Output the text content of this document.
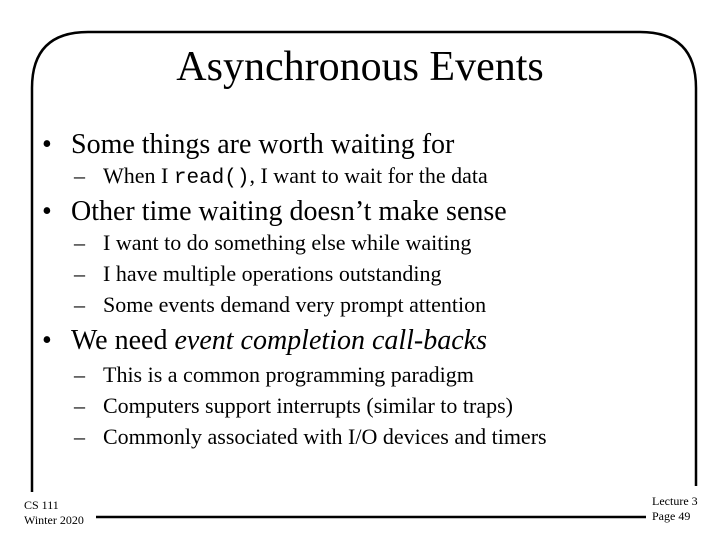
Asynchronous Events
• Some things are worth waiting for
– When I read(), I want to wait for the data
• Other time waiting doesn’t make sense
– I want to do something else while waiting
– I have multiple operations outstanding
– Some events demand very prompt attention
• We need event completion call-backs
– This is a common programming paradigm
– Computers support interrupts (similar to traps)
– Commonly associated with I/O devices and timers
CS 111
Winter 2020
Lecture 3
Page 49
